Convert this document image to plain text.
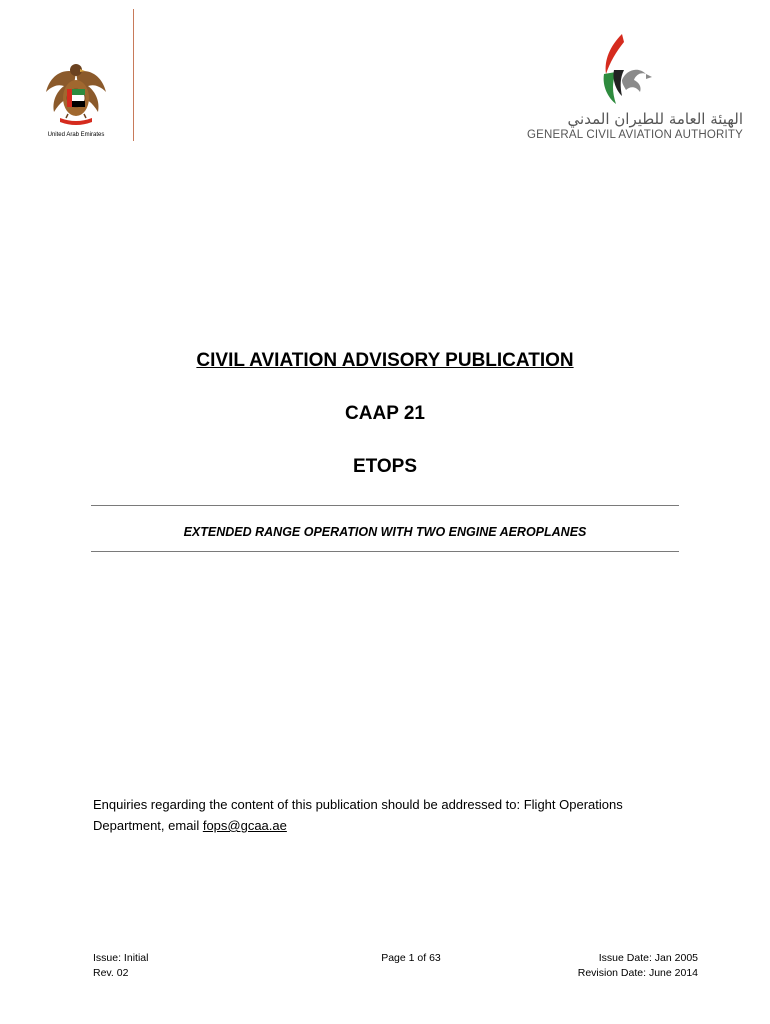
United Arab Emirates
الهيئة العامة للطيران المدني
GENERAL CIVIL AVIATION AUTHORITY
CIVIL AVIATION ADVISORY PUBLICATION
CAAP 21
ETOPS
EXTENDED RANGE OPERATION WITH TWO ENGINE AEROPLANES
Enquiries regarding the content of this publication should be addressed to: Flight Operations Department, email fops@gcaa.ae
Issue: Initial
Rev. 02
Page 1 of 63	Issue Date: Jan 2005
Revision Date: June 2014
